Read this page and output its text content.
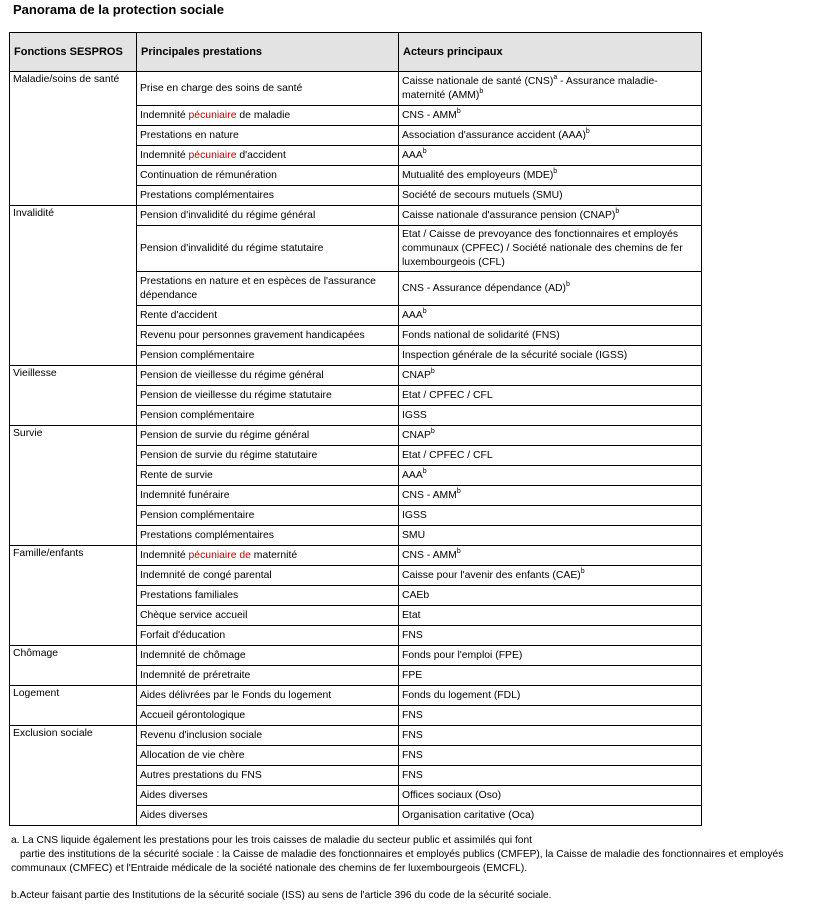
Panorama de la protection sociale
Fonctions SESPROS	Principales prestations	Acteurs principaux
Maladie/soins de santé	Prise en charge des soins de santé	Caisse nationale de santé (CNS)$^a$ - Assurance maladie-maternité (AMM)$^b$
	Indemnité pécuniaire de maladie	CNS - AMM$^b$
	Prestations en nature	Association d'assurance accident (AAA)$^b$
	Indemnité pécuniaire d'accident	AAA$^b$
	Continuation de rémunération	Mutualité des employeurs (MDE)$^b$
	Prestations complémentaires	Société de secours mutuels (SMU)
Invalidité	Pension d'invalidité du régime général	Caisse nationale d'assurance pension (CNAP)$^b$
	Pension d'invalidité du régime statutaire	Etat / Caisse de prevoyance des fonctionnaires et employés communaux (CPFEC) / Société nationale des chemins de fer luxembourgeois (CFL)
	Prestations en nature et en espèces de l'assurance dépendance	CNS - Assurance dépendance (AD)$^b$
	Rente d'accident	AAA$^b$
	Revenu pour personnes gravement handicapées	Fonds national de solidarité (FNS)
	Pension complémentaire	Inspection générale de la sécurité sociale (IGSS)
Vieillesse	Pension de vieillesse du régime général	CNAP$^b$
	Pension de vieillesse du régime statutaire	Etat / CPFEC / CFL
	Pension complémentaire	IGSS
Survie	Pension de survie du régime général	CNAP$^b$
	Pension de survie du régime statutaire	Etat / CPFEC / CFL
	Rente de survie	AAA$^b$
	Indemnité funéraire	CNS - AMM$^b$
	Pension complémentaire	IGSS
	Prestations complémentaires	SMU
Famille/enfants	Indemnité pécuniaire de maternité	CNS - AMM$^b$
	Indemnité de congé parental	Caisse pour l'avenir des enfants (CAE)$^b$
	Prestations familiales	CAEb
	Chèque service accueil	Etat
	Forfait d'éducation	FNS
Chômage	Indemnité de chômage	Fonds pour l'emploi (FPE)
	Indemnité de préretraite	FPE
Logement	Aides délivrées par le Fonds du logement	Fonds du logement (FDL)
	Accueil gérontologique	FNS
Exclusion sociale	Revenu d'inclusion sociale	FNS
	Allocation de vie chère	FNS
	Autres prestations du FNS	FNS
	Aides diverses	Offices sociaux (Oso)
	Aides diverses	Organisation caritative (Oca)
a. La CNS liquide également les prestations pour les trois caisses de maladie du secteur public et assimilés qui font
partie des institutions de la sécurité sociale : la Caisse de maladie des fonctionnaires et employés publics (CMFEP), la Caisse de maladie des fonctionnaires et employés
communaux (CMFEC) et l'Entraide médicale de la société nationale des chemins de fer luxembourgeois (EMCFL).
b.Acteur faisant partie des Institutions de la sécurité sociale (ISS) au sens de l'article 396 du code de la sécurité sociale.
